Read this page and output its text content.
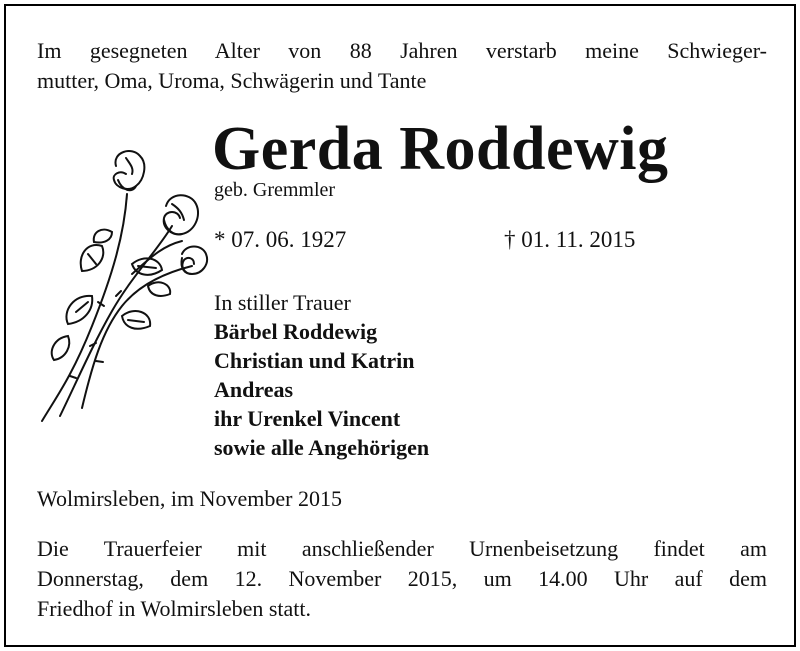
Im gesegneten Alter von 88 Jahren verstarb meine Schwieger-
mutter, Oma, Uroma, Schwägerin und Tante

Gerda Roddewig
geb. Gremmler
* 07. 06. 1927	† 01. 11. 2015
In stiller Trauer
Bärbel Roddewig
Christian und Katrin
Andreas
ihr Urenkel Vincent
sowie alle Angehörigen
Wolmirsleben, im November 2015

Die Trauerfeier mit anschließender Urnenbeisetzung findet am
Donnerstag, dem 12. November 2015, um 14.00 Uhr auf dem
Friedhof in Wolmirsleben statt.
